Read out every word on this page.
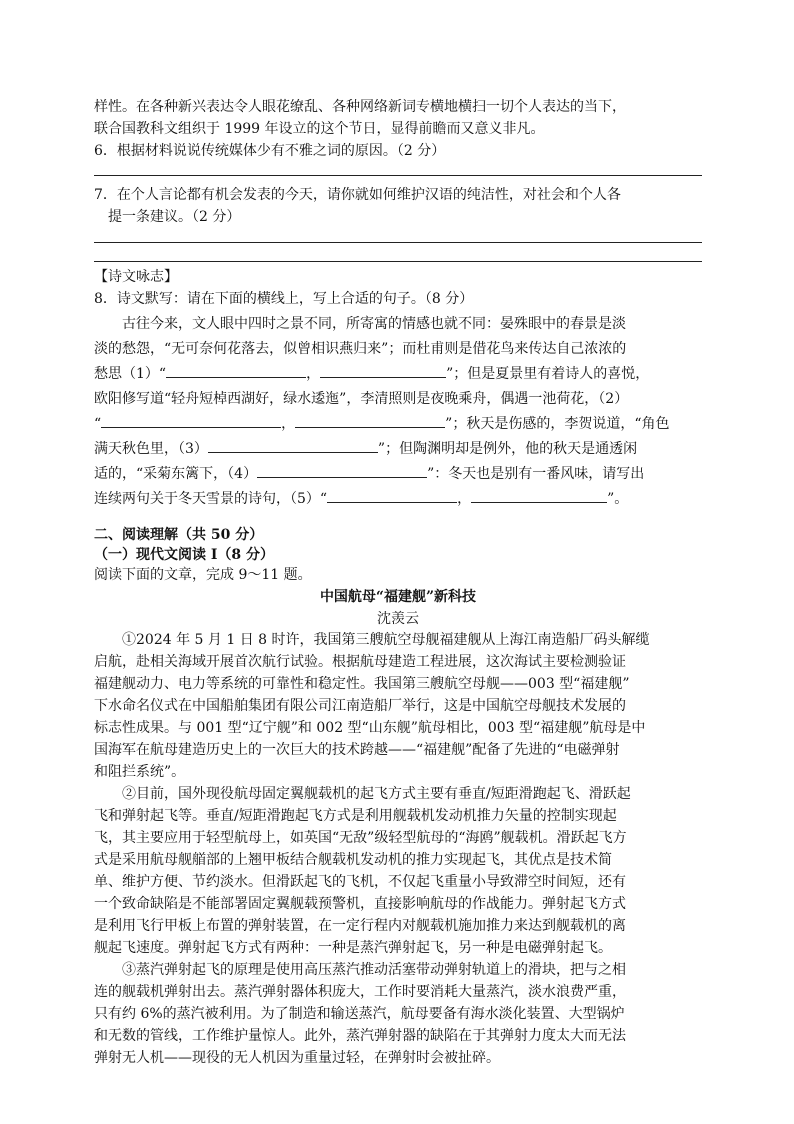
样性。在各种新兴表达令人眼花缭乱、各种网络新词专横地横扫一切个人表达的当下，
联合国教科文组织于 1999 年设立的这个节日，显得前瞻而又意义非凡。
6．根据材料说说传统媒体少有不雅之词的原因。（2 分）
7．在个人言论都有机会发表的今天，请你就如何维护汉语的纯洁性，对社会和个人各
提一条建议。（2 分）
【诗文咏志】
8．诗文默写：请在下面的横线上，写上合适的句子。（8 分）
古往今来，文人眼中四时之景不同，所寄寓的情感也就不同：晏殊眼中的春景是淡
淡的愁怨，“无可奈何花落去，似曾相识燕归来”；而杜甫则是借花鸟来传达自己浓浓的
愁思（1）“	，	”；但是夏景里有着诗人的喜悦，
欧阳修写道“轻舟短棹西湖好，绿水逶迤”，李清照则是夜晚乘舟，偶遇一池荷花，（2）
“	，	”；秋天是伤感的，李贺说道，“角色
满天秋色里，（3）	”；但陶渊明却是例外，他的秋天是通透闲
适的，“采菊东篱下，（4）	”：冬天也是别有一番风味，请写出
连续两句关于冬天雪景的诗句，（5）“	，	”。
二、阅读理解（共 50 分）
（一）现代文阅读 I（8 分）
阅读下面的文章，完成 9～11 题。
中国航母“福建舰”新科技
沈羡云
①2024 年 5 月 1 日 8 时许，我国第三艘航空母舰福建舰从上海江南造船厂码头解缆
启航，赴相关海域开展首次航行试验。根据航母建造工程进展，这次海试主要检测验证
福建舰动力、电力等系统的可靠性和稳定性。我国第三艘航空母舰——003 型“福建舰”
下水命名仪式在中国船舶集团有限公司江南造船厂举行，这是中国航空母舰技术发展的
标志性成果。与 001 型“辽宁舰”和 002 型“山东舰”航母相比，003 型“福建舰”航母是中
国海军在航母建造历史上的一次巨大的技术跨越——“福建舰”配备了先进的“电磁弹射
和阻拦系统”。
②目前，国外现役航母固定翼舰载机的起飞方式主要有垂直/短距滑跑起飞、滑跃起
飞和弹射起飞等。垂直/短距滑跑起飞方式是利用舰载机发动机推力矢量的控制实现起
飞，其主要应用于轻型航母上，如英国“无敌”级轻型航母的“海鸥”舰载机。滑跃起飞方
式是采用航母舰艏部的上翘甲板结合舰载机发动机的推力实现起飞，其优点是技术简
单、维护方便、节约淡水。但滑跃起飞的飞机，不仅起飞重量小导致滞空时间短，还有
一个致命缺陷是不能部署固定翼舰载预警机，直接影响航母的作战能力。弹射起飞方式
是利用飞行甲板上布置的弹射装置，在一定行程内对舰载机施加推力来达到舰载机的离
舰起飞速度。弹射起飞方式有两种：一种是蒸汽弹射起飞，另一种是电磁弹射起飞。
③蒸汽弹射起飞的原理是使用高压蒸汽推动活塞带动弹射轨道上的滑块，把与之相
连的舰载机弹射出去。蒸汽弹射器体积庞大，工作时要消耗大量蒸汽，淡水浪费严重，
只有约 6%的蒸汽被利用。为了制造和输送蒸汽，航母要备有海水淡化装置、大型锅炉
和无数的管线，工作维护量惊人。此外，蒸汽弹射器的缺陷在于其弹射力度太大而无法
弹射无人机——现役的无人机因为重量过轻，在弹射时会被扯碎。
